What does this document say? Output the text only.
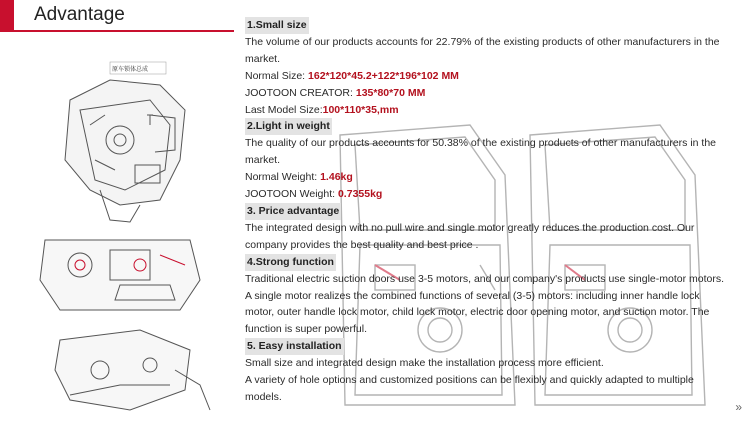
Advantage
原车锁体总成

1.Small size

The volume of our products accounts for 22.79% of the existing products of other manufacturers in the market.

Normal Size: 162*120*45.2+122*196*102 MM

JOOTOON CREATOR: 135*80*70 MM

Last Model Size:100*110*35,mm

2.Light in weight

The quality of our products accounts for 50.38% of the existing products of other manufacturers in the market.

Normal Weight: 1.46kg

JOOTOON Weight: 0.7355kg

3. Price advantage

The integrated design with no pull wire and single motor greatly reduces the production cost. Our company provides the best quality and best price .

4.Strong function

Traditional electric suction doors use 3-5 motors, and our company's products use single-motor motors.

A single motor realizes the combined functions of several (3-5) motors: including inner handle lock motor, outer handle lock motor, child lock motor, electric door opening motor, and suction motor. The function is super powerful.

5. Easy installation

Small size and integrated design make the installation process more efficient.

A variety of hole options and customized positions can be flexibly and quickly adapted to multiple models.

»
